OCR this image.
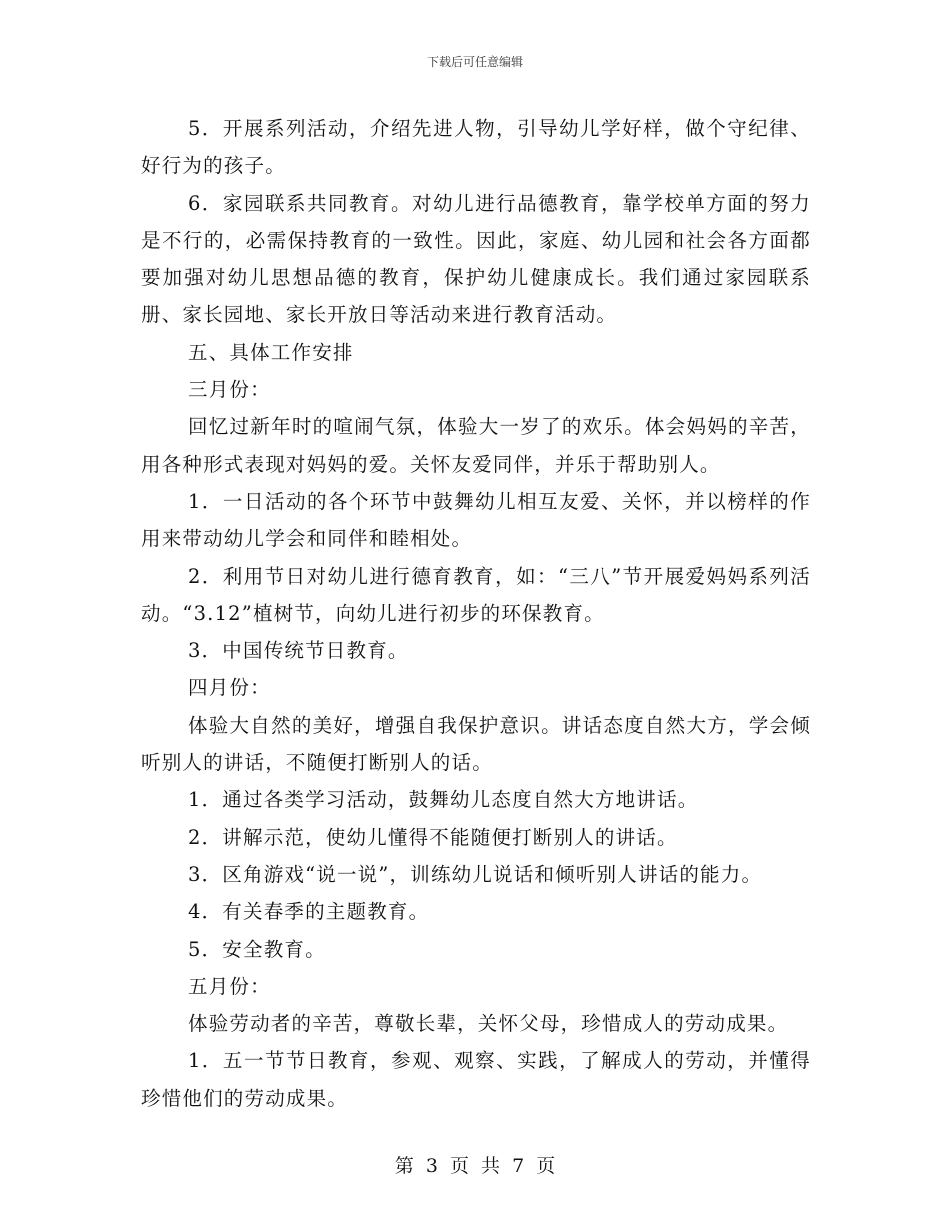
下载后可任意编辑

5．开展系列活动，介绍先进人物，引导幼儿学好样，做个守纪律、好行为的孩子。

6．家园联系共同教育。对幼儿进行品德教育，靠学校单方面的努力是不行的，必需保持教育的一致性。因此，家庭、幼儿园和社会各方面都要加强对幼儿思想品德的教育，保护幼儿健康成长。我们通过家园联系册、家长园地、家长开放日等活动来进行教育活动。

五、具体工作安排

三月份：

回忆过新年时的喧闹气氛，体验大一岁了的欢乐。体会妈妈的辛苦，用各种形式表现对妈妈的爱。关怀友爱同伴，并乐于帮助别人。

1．一日活动的各个环节中鼓舞幼儿相互友爱、关怀，并以榜样的作用来带动幼儿学会和同伴和睦相处。

2．利用节日对幼儿进行德育教育，如：“三八”节开展爱妈妈系列活动。“3.12”植树节，向幼儿进行初步的环保教育。

3．中国传统节日教育。

四月份：

体验大自然的美好，增强自我保护意识。讲话态度自然大方，学会倾听别人的讲话，不随便打断别人的话。

1．通过各类学习活动，鼓舞幼儿态度自然大方地讲话。

2．讲解示范，使幼儿懂得不能随便打断别人的讲话。

3．区角游戏“说一说”，训练幼儿说话和倾听别人讲话的能力。

4．有关春季的主题教育。

5．安全教育。

五月份：

体验劳动者的辛苦，尊敬长辈，关怀父母，珍惜成人的劳动成果。

1．五一节节日教育，参观、观察、实践，了解成人的劳动，并懂得珍惜他们的劳动成果。

第 3 页 共 7 页
